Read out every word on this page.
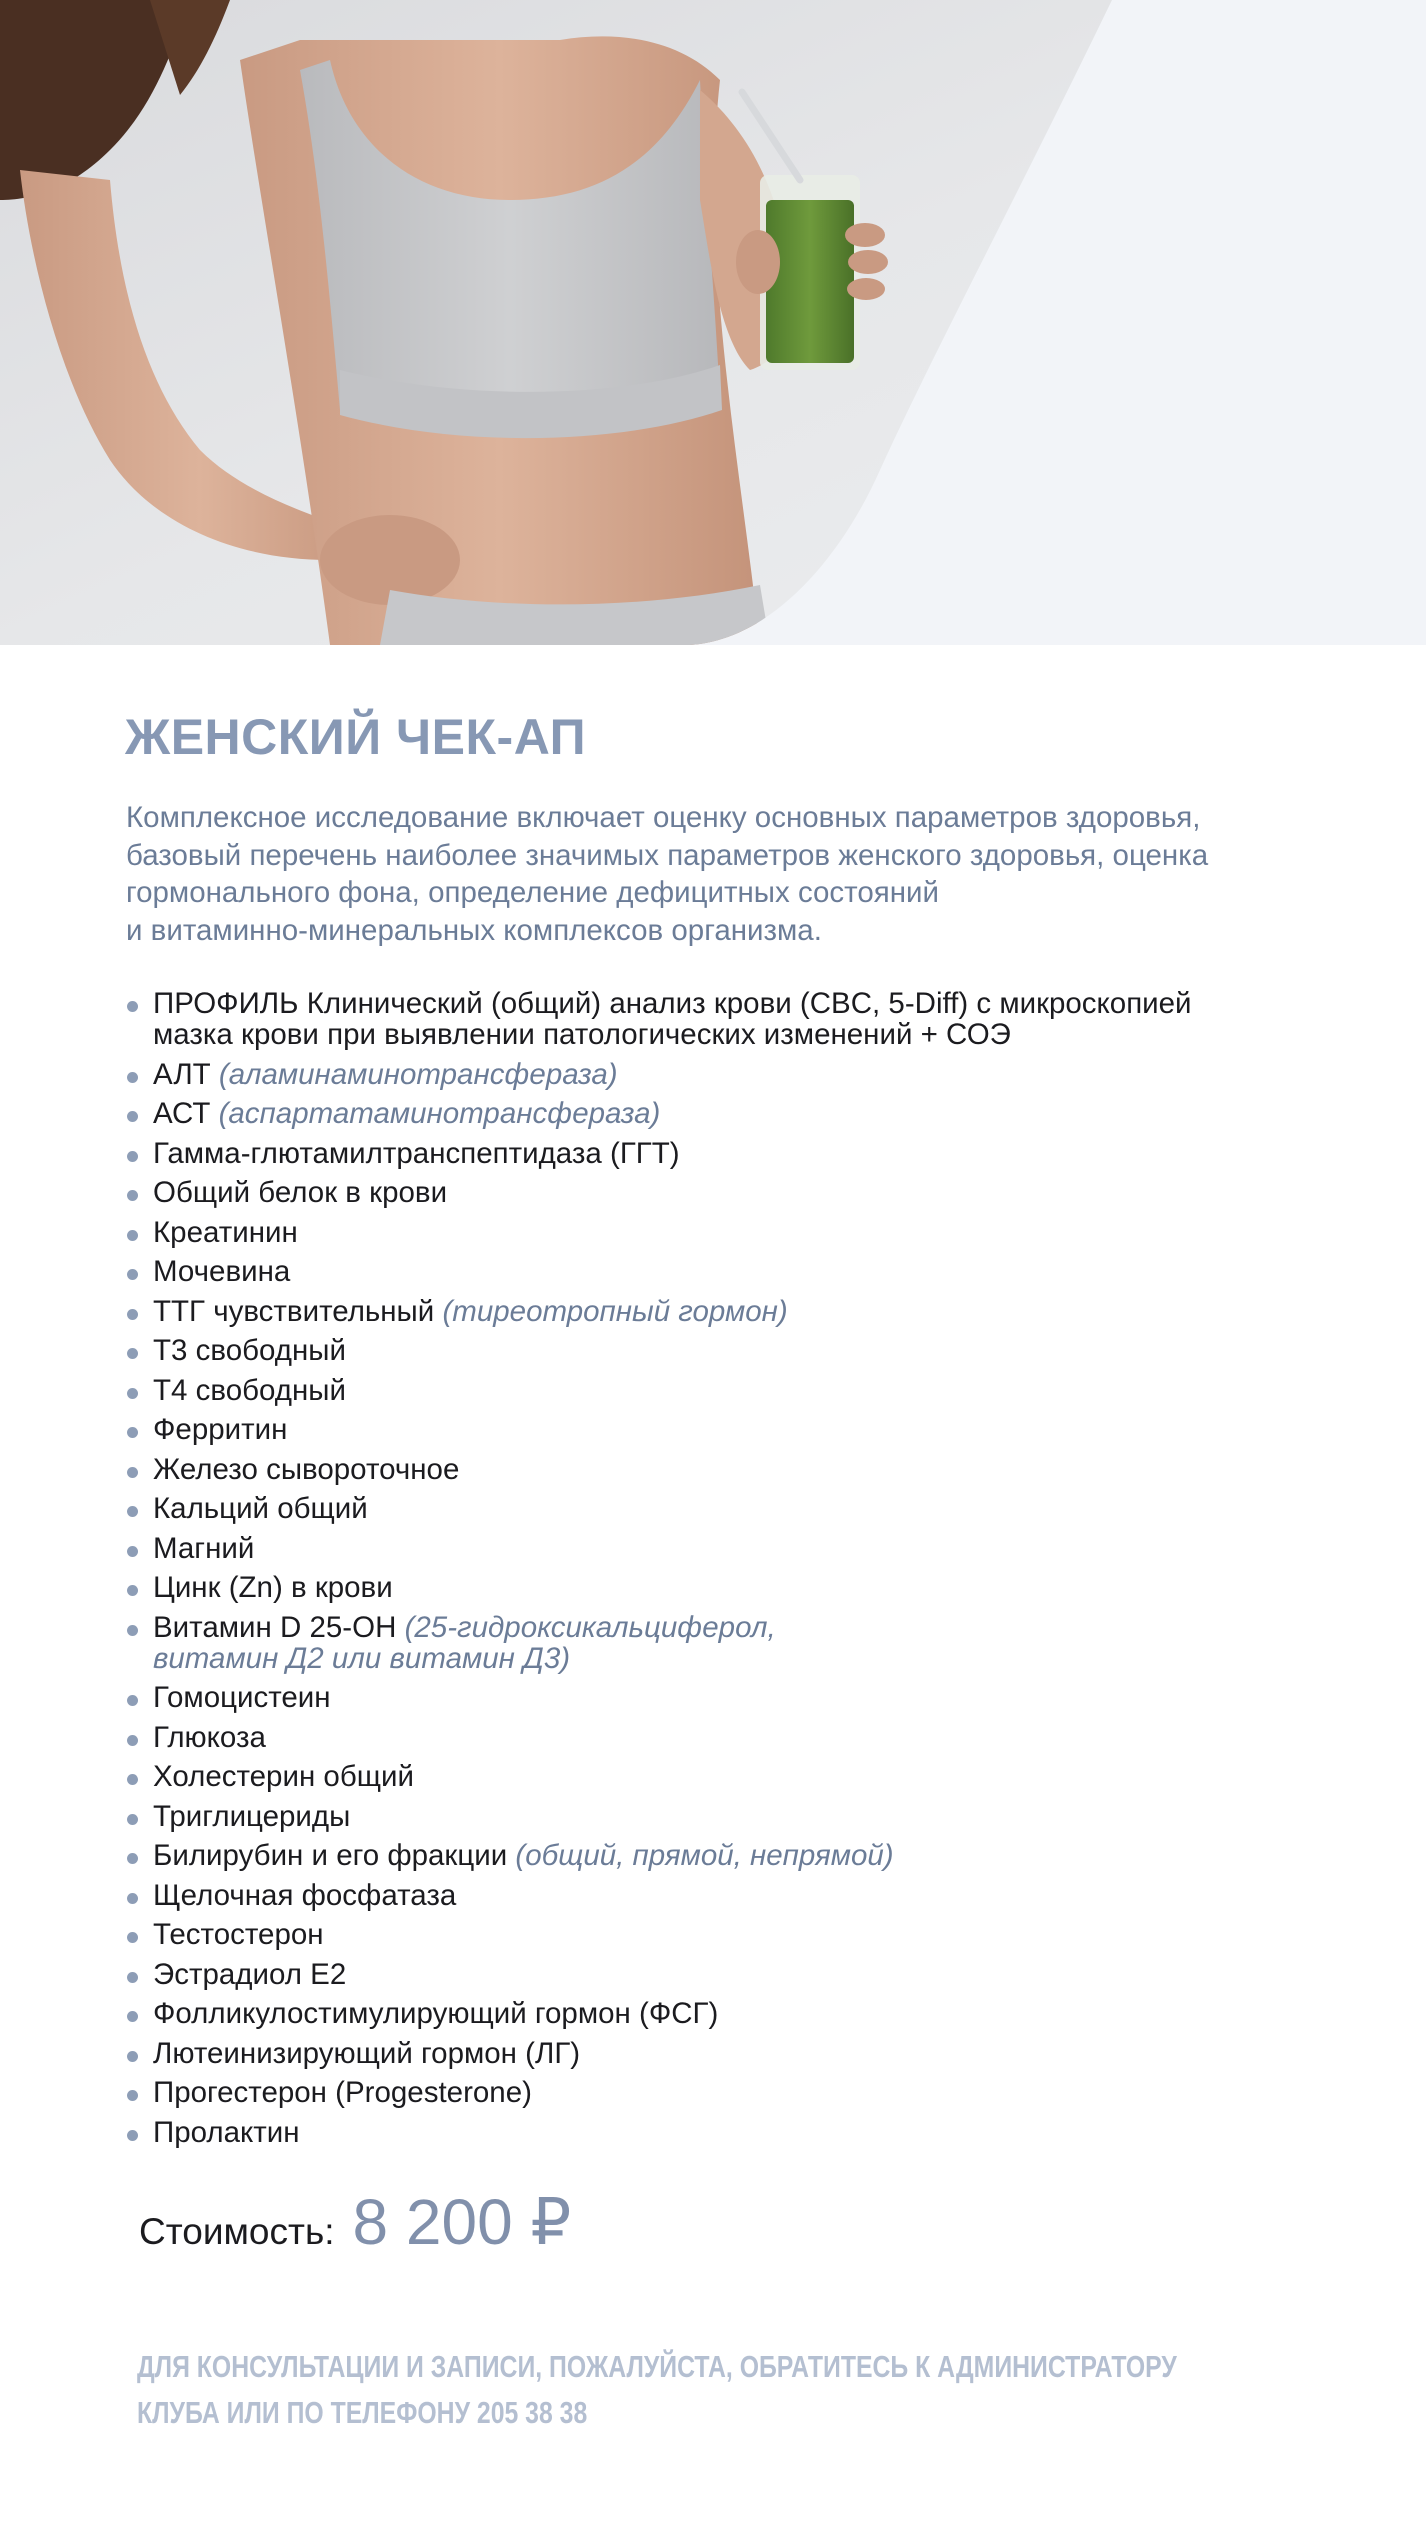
ЖЕНСКИЙ ЧЕК-АП

Комплексное исследование включает оценку основных параметров здоровья,
базовый перечень наиболее значимых параметров женского здоровья, оценка
гормонального фона, определение дефицитных состояний
и витаминно-минеральных комплексов организма.

ПРОФИЛЬ Клинический (общий) анализ крови (CBC, 5-Diff) с микроскопией
мазка крови при выявлении патологических изменений + СОЭ
АЛТ (аламинаминотрансфераза)
АСТ (аспартатаминотрансфераза)
Гамма-глютамилтранспептидаза (ГГТ)
Общий белок в крови
Креатинин
Мочевина
ТТГ чувствительный (тиреотропный гормон)
Т3 свободный
Т4 свободный
Ферритин
Железо сывороточное
Кальций общий
Магний
Цинк (Zn) в крови
Витамин D 25-OH (25-гидроксикальциферол,
витамин Д2 или витамин Д3)
Гомоцистеин
Глюкоза
Холестерин общий
Триглицериды
Билирубин и его фракции (общий, прямой, непрямой)
Щелочная фосфатаза
Тестостерон
Эстрадиол Е2
Фолликулостимулирующий гормон (ФСГ)
Лютеинизирующий гормон (ЛГ)
Прогестерон (Progesterone)
Пролактин
Стоимость: 8 200 ₽

ДЛЯ КОНСУЛЬТАЦИИ И ЗАПИСИ, ПОЖАЛУЙСТА, ОБРАТИТЕСЬ К АДМИНИСТРАТОРУ
КЛУБА ИЛИ ПО ТЕЛЕФОНУ 205 38 38
